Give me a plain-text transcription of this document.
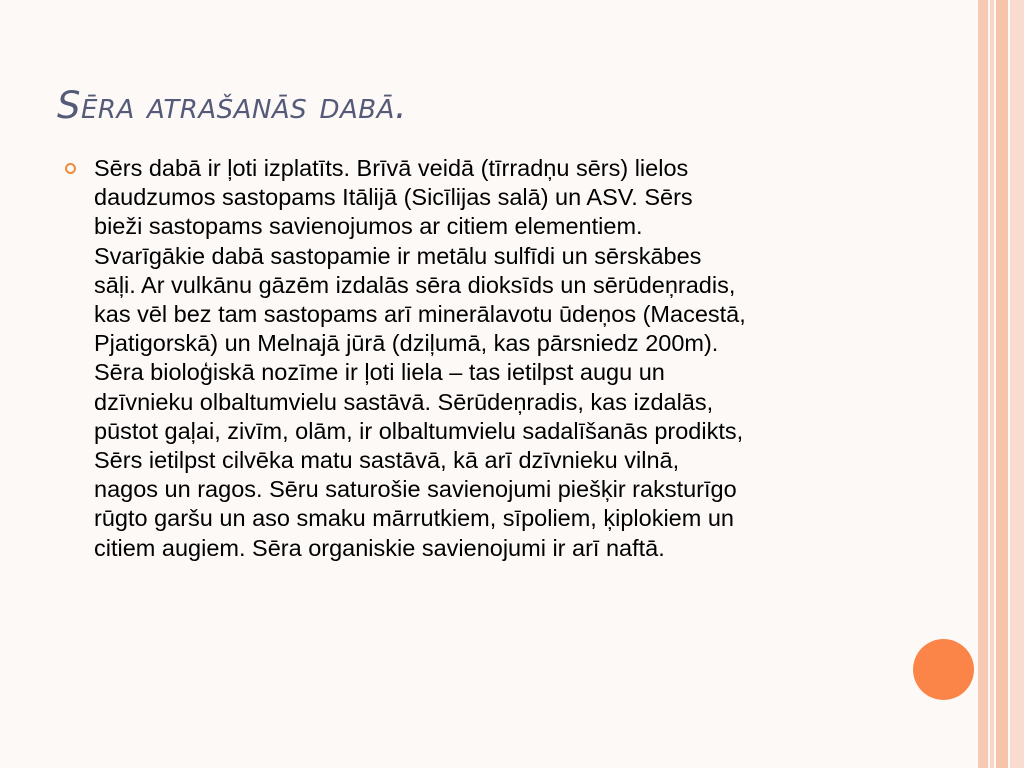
Sēra atrašanās dabā.
Sērs dabā ir ļoti izplatīts. Brīvā veidā (tīrradņu sērs) lielos
daudzumos sastopams Itālijā (Sicīlijas salā) un ASV. Sērs
bieži sastopams savienojumos ar citiem elementiem.
Svarīgākie dabā sastopamie ir metālu sulfīdi un sērskābes
sāļi. Ar vulkānu gāzēm izdalās sēra dioksīds un sērūdeņradis,
kas vēl bez tam sastopams arī minerālavotu ūdeņos (Macestā,
Pjatigorskā) un Melnajā jūrā (dziļumā, kas pārsniedz 200m).
Sēra bioloģiskā nozīme ir ļoti liela – tas ietilpst augu un
dzīvnieku olbaltumvielu sastāvā. Sērūdeņradis, kas izdalās,
pūstot gaļai, zivīm, olām, ir olbaltumvielu sadalīšanās prodikts,
Sērs ietilpst cilvēka matu sastāvā, kā arī dzīvnieku vilnā,
nagos un ragos. Sēru saturošie savienojumi piešķir raksturīgo
rūgto garšu un aso smaku mārrutkiem, sīpoliem, ķiplokiem un
citiem augiem. Sēra organiskie savienojumi ir arī naftā.
